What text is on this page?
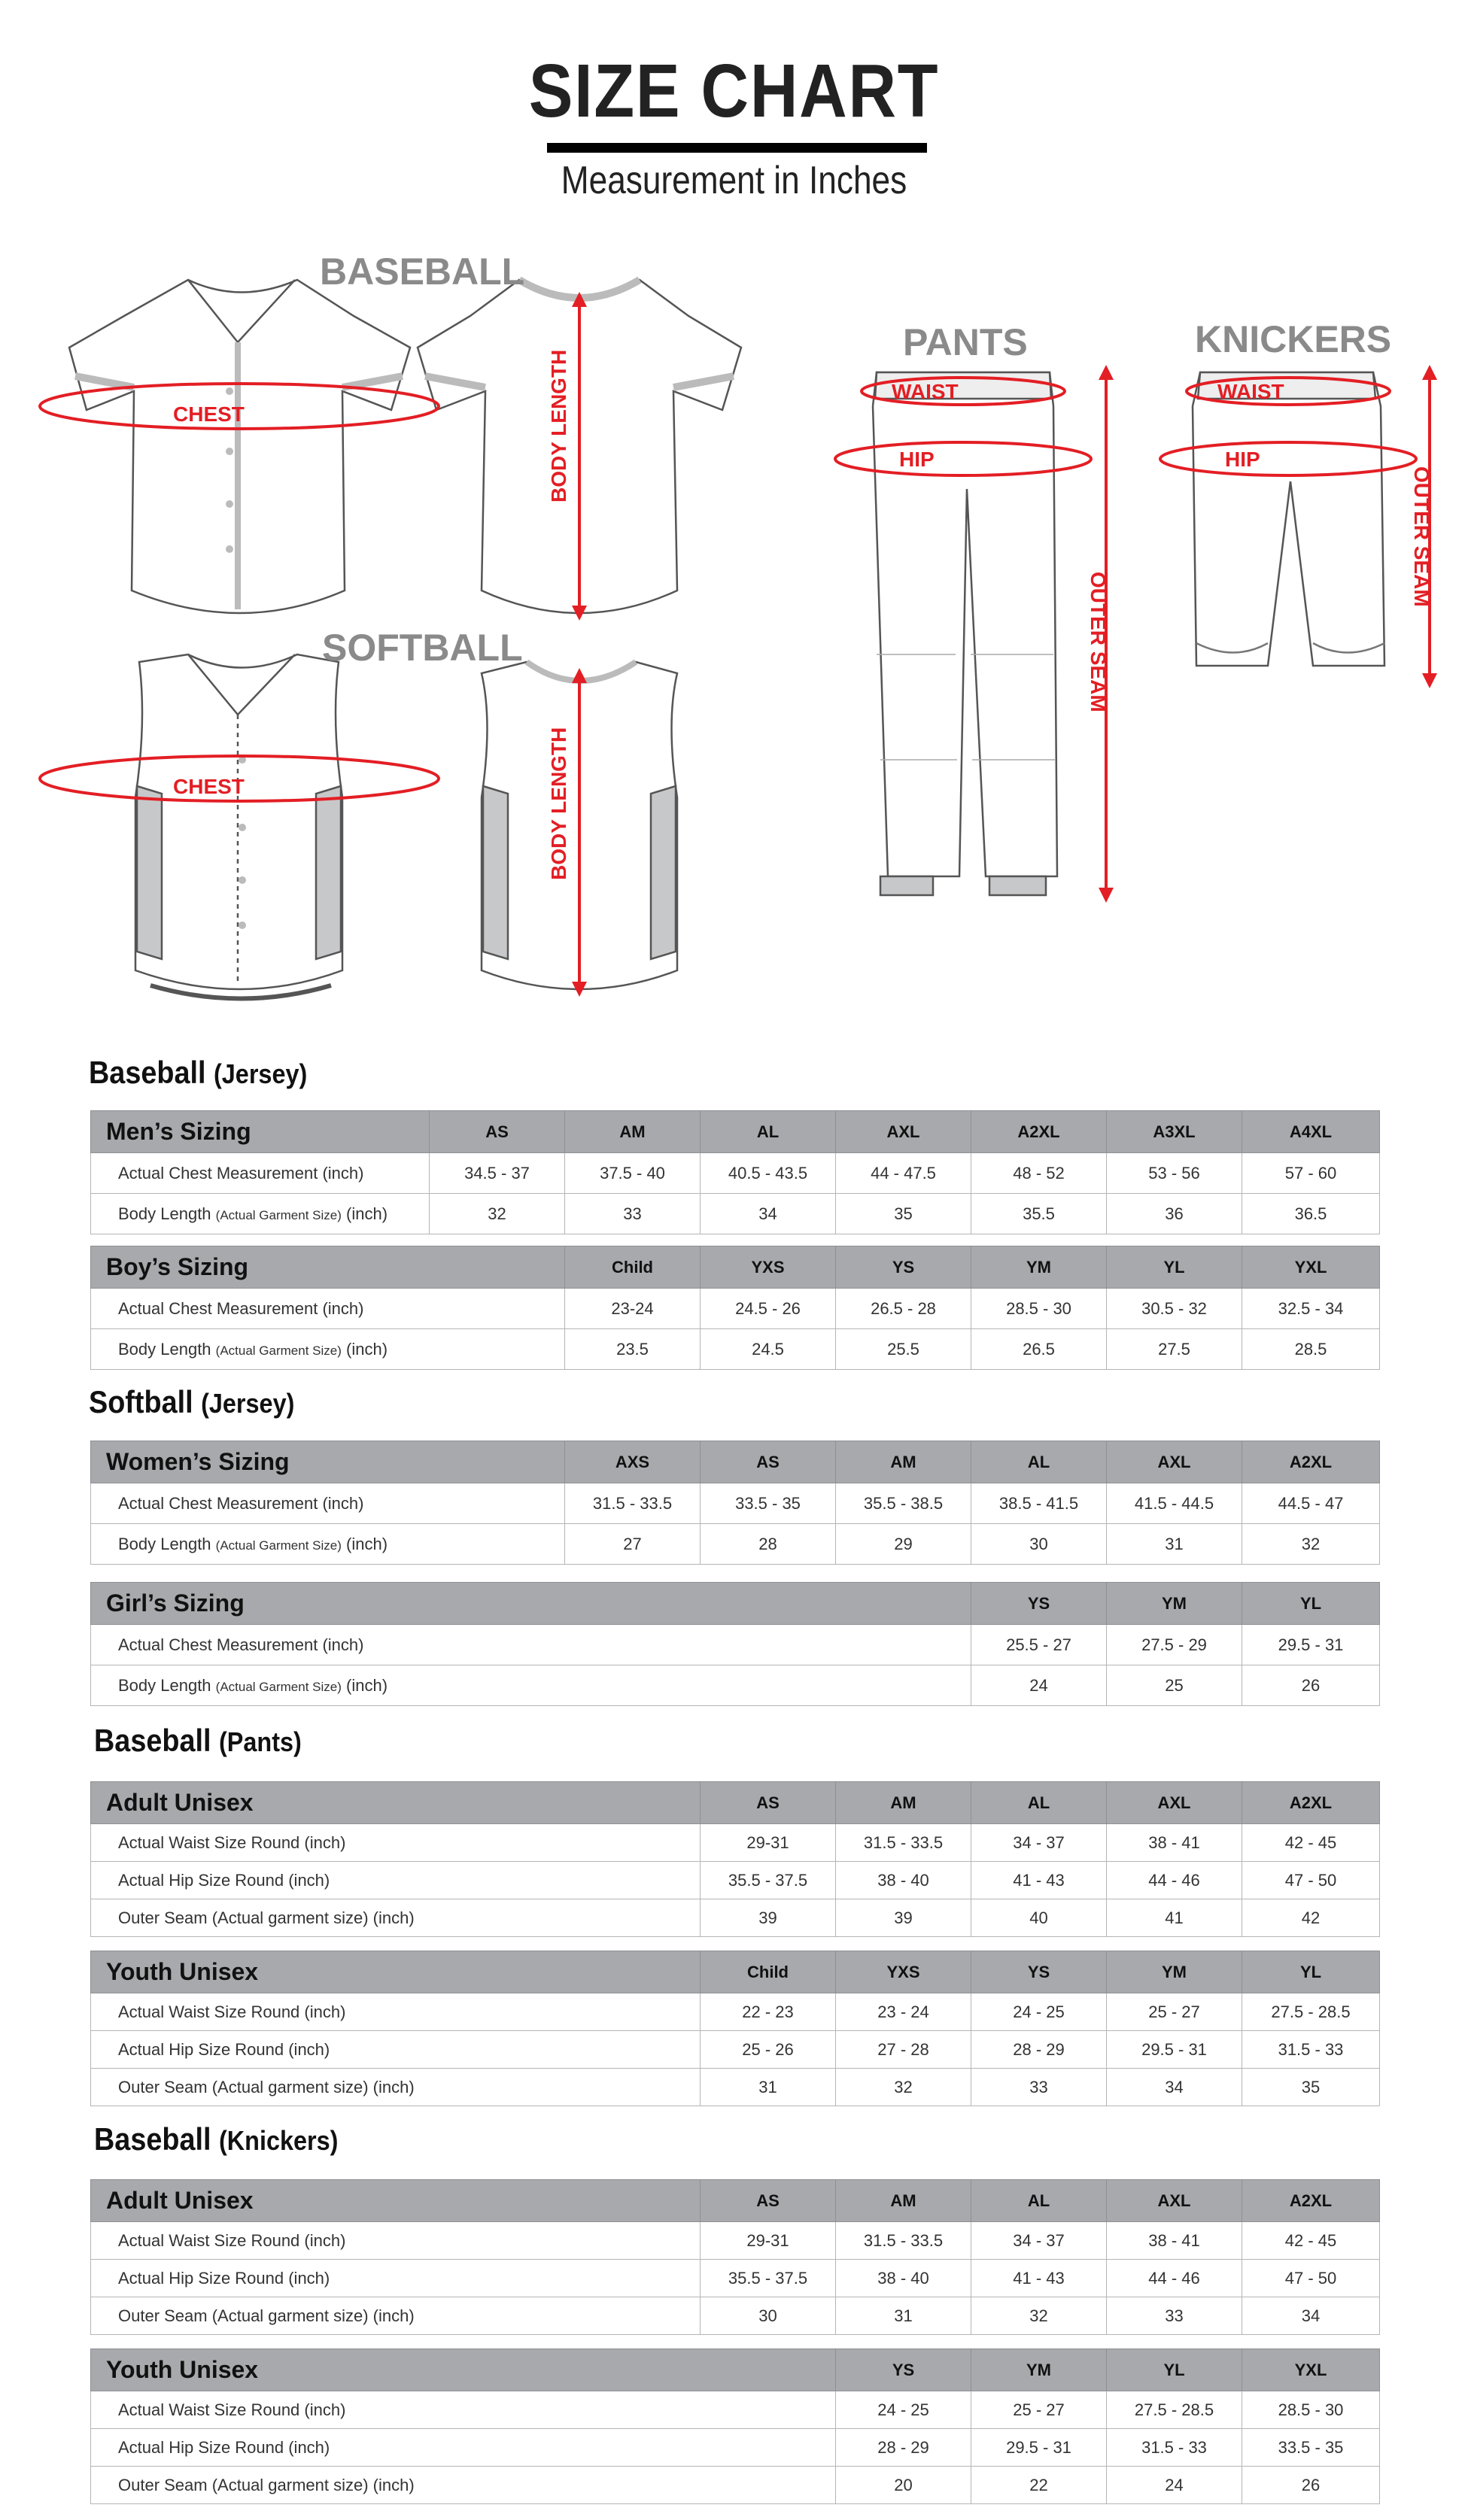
SIZE CHART
Measurement in Inches
CHEST
CHEST
BODY LENGTH
BODY LENGTH
WAIST
HIP
OUTER SEAM
WAIST
HIP
OUTER SEAM
BASEBALL
SOFTBALL
PANTS	KNICKERS
Baseball (Jersey)
Softball (Jersey)
Baseball (Pants)
Baseball (Knickers)
Men’s Sizing	AS	AM	AL	AXL	A2XL	A3XL	A4XL
Actual Chest Measurement (inch)	34.5 - 37	37.5 - 40	40.5 - 43.5	44 - 47.5	48 - 52	53 - 56	57 - 60
Body Length (Actual Garment Size) (inch)	32	33	34	35	35.5	36	36.5
Boy’s Sizing	Child	YXS	YS	YM	YL	YXL
Actual Chest Measurement (inch)	23-24	24.5 - 26	26.5 - 28	28.5 - 30	30.5 - 32	32.5 - 34
Body Length (Actual Garment Size) (inch)	23.5	24.5	25.5	26.5	27.5	28.5
Women’s Sizing	AXS	AS	AM	AL	AXL	A2XL
Actual Chest Measurement (inch)	31.5 - 33.5	33.5 - 35	35.5 - 38.5	38.5 - 41.5	41.5 - 44.5	44.5 - 47
Body Length (Actual Garment Size) (inch)	27	28	29	30	31	32
Girl’s Sizing	YS	YM	YL
Actual Chest Measurement (inch)	25.5 - 27	27.5 - 29	29.5 - 31
Body Length (Actual Garment Size) (inch)	24	25	26
Adult Unisex	AS	AM	AL	AXL	A2XL
Actual Waist Size Round (inch)	29-31	31.5 - 33.5	34 - 37	38 - 41	42 - 45
Actual Hip Size Round (inch)	35.5 - 37.5	38 - 40	41 - 43	44 - 46	47 - 50
Outer Seam (Actual garment size) (inch)	39	39	40	41	42
Youth Unisex	Child	YXS	YS	YM	YL
Actual Waist Size Round (inch)	22 - 23	23 - 24	24 - 25	25 - 27	27.5 - 28.5
Actual Hip Size Round (inch)	25 - 26	27 - 28	28 - 29	29.5 - 31	31.5 - 33
Outer Seam (Actual garment size) (inch)	31	32	33	34	35
Adult Unisex	AS	AM	AL	AXL	A2XL
Actual Waist Size Round (inch)	29-31	31.5 - 33.5	34 - 37	38 - 41	42 - 45
Actual Hip Size Round (inch)	35.5 - 37.5	38 - 40	41 - 43	44 - 46	47 - 50
Outer Seam (Actual garment size) (inch)	30	31	32	33	34
Youth Unisex	YS	YM	YL	YXL
Actual Waist Size Round (inch)	24 - 25	25 - 27	27.5 - 28.5	28.5 - 30
Actual Hip Size Round (inch)	28 - 29	29.5 - 31	31.5 - 33	33.5 - 35
Outer Seam (Actual garment size) (inch)	20	22	24	26
